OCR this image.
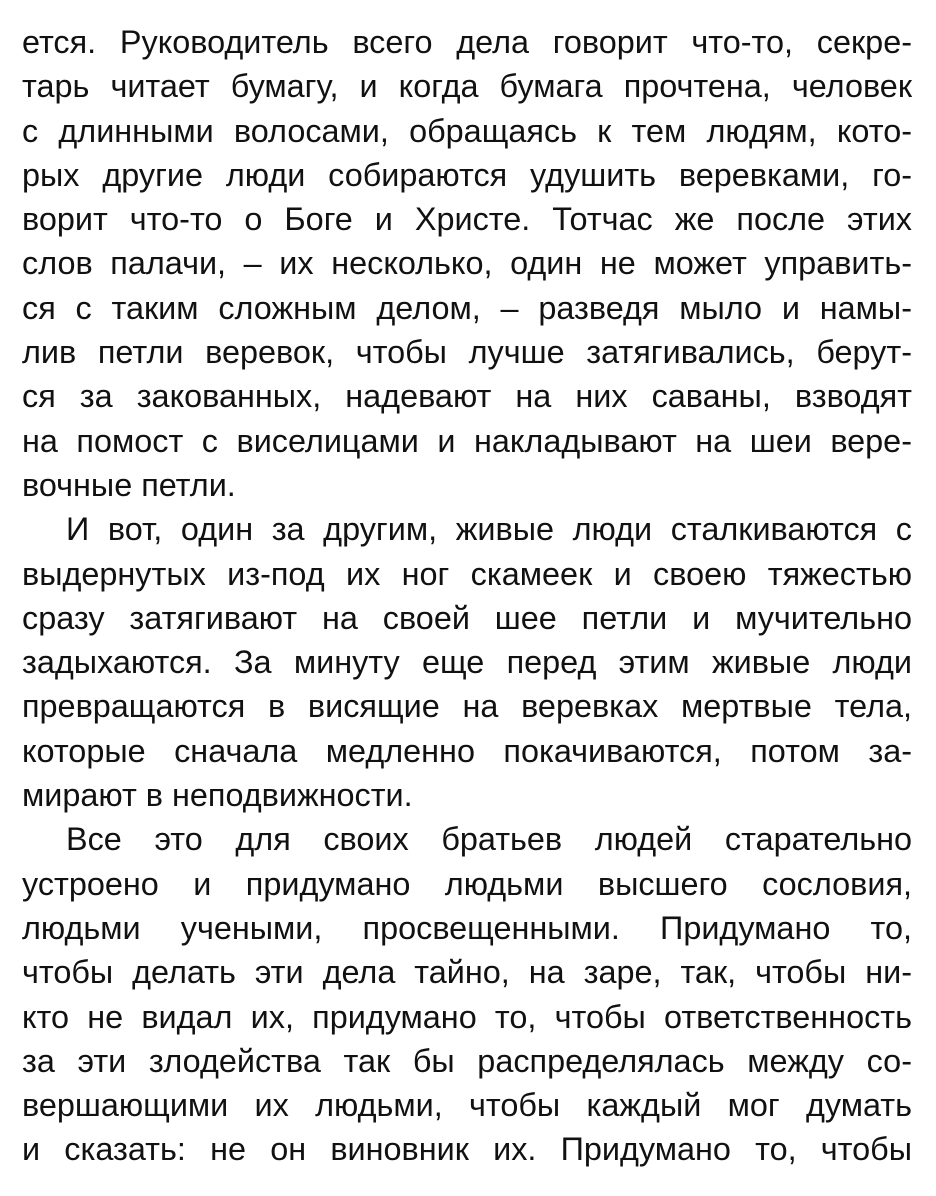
ется. Руководитель всего дела говорит что-то, секре-
тарь читает бумагу, и когда бумага прочтена, человек
с длинными волосами, обращаясь к тем людям, кото-
рых другие люди собираются удушить веревками, го-
ворит что-то о Боге и Христе. Тотчас же после этих
слов палачи, – их несколько, один не может управить-
ся с таким сложным делом, – разведя мыло и намы-
лив петли веревок, чтобы лучше затягивались, берут-
ся за закованных, надевают на них саваны, взводят
на помост с виселицами и накладывают на шеи вере-
вочные петли.
И вот, один за другим, живые люди сталкиваются с
выдернутых из-под их ног скамеек и своею тяжестью
сразу затягивают на своей шее петли и мучительно
задыхаются. За минуту еще перед этим живые люди
превращаются в висящие на веревках мертвые тела,
которые сначала медленно покачиваются, потом за-
мирают в неподвижности.
Все это для своих братьев людей старательно
устроено и придумано людьми высшего сословия,
людьми учеными, просвещенными. Придумано то,
чтобы делать эти дела тайно, на заре, так, чтобы ни-
кто не видал их, придумано то, чтобы ответственность
за эти злодейства так бы распределялась между со-
вершающими их людьми, чтобы каждый мог думать
и сказать: не он виновник их. Придумано то, чтобы
